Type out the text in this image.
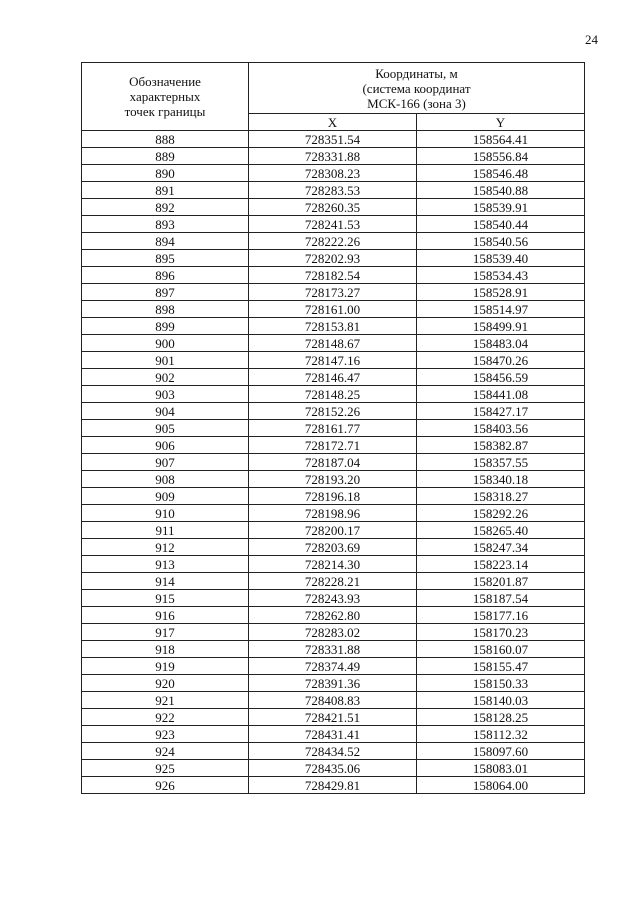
24
Обозначение
характерных
точек границы	Координаты, м
(система координат
МСК-166 (зона 3)	

	X	Y
888	728351.54	158564.41
889	728331.88	158556.84
890	728308.23	158546.48
891	728283.53	158540.88
892	728260.35	158539.91
893	728241.53	158540.44
894	728222.26	158540.56
895	728202.93	158539.40
896	728182.54	158534.43
897	728173.27	158528.91
898	728161.00	158514.97
899	728153.81	158499.91
900	728148.67	158483.04
901	728147.16	158470.26
902	728146.47	158456.59
903	728148.25	158441.08
904	728152.26	158427.17
905	728161.77	158403.56
906	728172.71	158382.87
907	728187.04	158357.55
908	728193.20	158340.18
909	728196.18	158318.27
910	728198.96	158292.26
911	728200.17	158265.40
912	728203.69	158247.34
913	728214.30	158223.14
914	728228.21	158201.87
915	728243.93	158187.54
916	728262.80	158177.16
917	728283.02	158170.23
918	728331.88	158160.07
919	728374.49	158155.47
920	728391.36	158150.33
921	728408.83	158140.03
922	728421.51	158128.25
923	728431.41	158112.32
924	728434.52	158097.60
925	728435.06	158083.01
926	728429.81	158064.00
